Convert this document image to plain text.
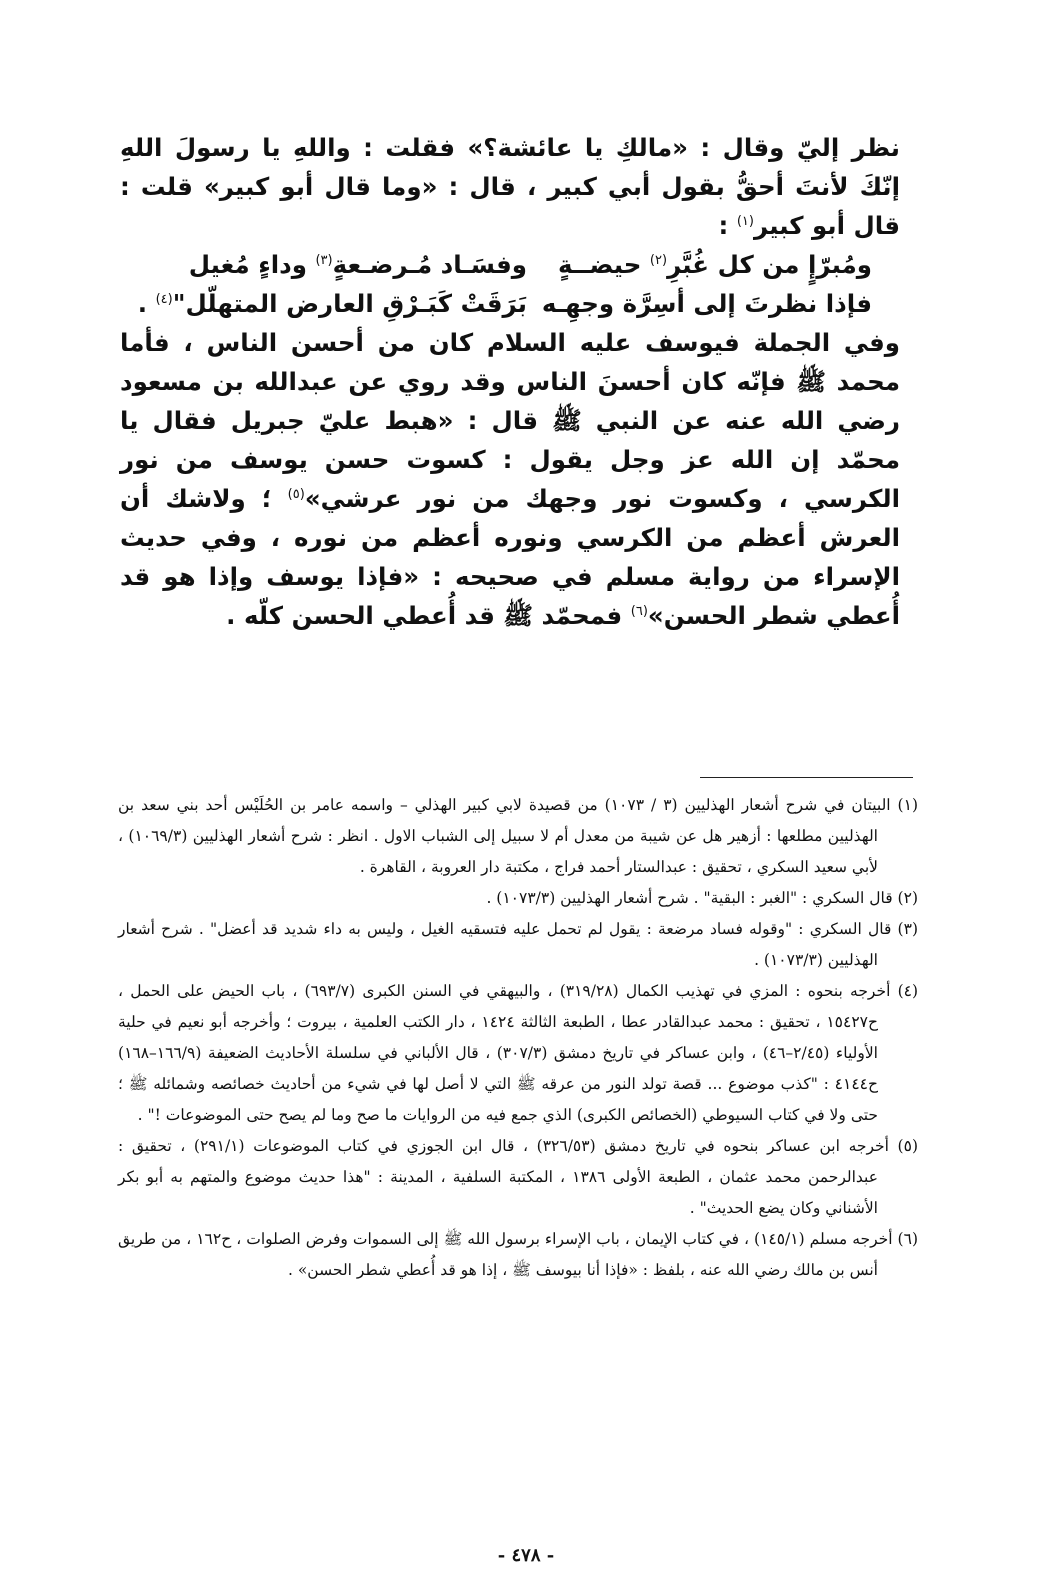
نظر إليّ وقال : «مالكِ يا عائشة؟» فقلت : واللهِ يا رسولَ اللهِ إنّكَ لأنتَ أحقُّ بقول أبي كبير ، قال : «وما قال أبو كبير» قلت : قال أبو كبير$^{(١)}$ :

ومُبرّإٍ من كل غُبَّرِ$^{(٢)}$ حيضــةٍ
وفسَـاد مُـرضـعةٍ$^{(٣)}$ وداءٍ مُغيل
فإذا نظرتَ إلى أسِرَّة وجهِـه
بَرَقَتْ كَبَـرْقِ العارض المتهلّل"$^{(٤)}$ .

وفي الجملة فيوسف عليه السلام كان من أحسن الناس ، فأما محمد ﷺ فإنّه كان أحسنَ الناس وقد روي عن عبدالله بن مسعود رضي الله عنه عن النبي ﷺ قال : «هبط عليّ جبريل فقال يا محمّد إن الله عز وجل يقول : كسوت حسن يوسف من نور الكرسي ، وكسوت نور وجهك من نور عرشي»$^{(٥)}$ ؛ ولاشك أن العرش أعظم من الكرسي ونوره أعظم من نوره ، وفي حديث الإسراء من رواية مسلم في صحيحه : «فإذا يوسف وإذا هو قد أُعطي شطر الحسن»$^{(٦)}$ فمحمّد ﷺ قد أُعطي الحسن كلّه .

(١) البيتان في شرح أشعار الهذليين (٣ / ١٠٧٣) من قصيدة لابي كبير الهذلي – واسمه عامر بن الحُلَيْس أحد بني سعد بن الهذليين مطلعها : أزهير هل عن شيبة من معدل أم لا سبيل إلى الشباب الاول . انظر : شرح أشعار الهذليين (١٠٦٩/٣) ، لأبي سعيد السكري ، تحقيق : عبدالستار أحمد فراج ، مكتبة دار العروبة ، القاهرة .

(٢) قال السكري : "الغبر : البقية" . شرح أشعار الهذليين (١٠٧٣/٣) .

(٣) قال السكري : "وقوله فساد مرضعة : يقول لم تحمل عليه فتسقيه الغيل ، وليس به داء شديد قد أعضل" . شرح أشعار الهذليين (١٠٧٣/٣) .

(٤) أخرجه بنحوه : المزي في تهذيب الكمال (٣١٩/٢٨) ، والبيهقي في السنن الكبرى (٦٩٣/٧) ، باب الحيض على الحمل ، ح١٥٤٢٧ ، تحقيق : محمد عبدالقادر عطا ، الطبعة الثالثة ١٤٢٤ ، دار الكتب العلمية ، بيروت ؛ وأخرجه أبو نعيم في حلية الأولياء (٢/٤٥–٤٦) ، وابن عساكر في تاريخ دمشق (٣٠٧/٣) ، قال الألباني في سلسلة الأحاديث الضعيفة (١٦٦/٩–١٦٨) ح٤١٤٤ : "كذب موضوع ... قصة تولد النور من عرقه ﷺ التي لا أصل لها في شيء من أحاديث خصائصه وشمائله ﷺ ؛ حتى ولا في كتاب السيوطي (الخصائص الكبرى) الذي جمع فيه من الروايات ما صح وما لم يصح حتى الموضوعات !" .

(٥) أخرجه ابن عساكر بنحوه في تاريخ دمشق (٣٢٦/٥٣) ، قال ابن الجوزي في كتاب الموضوعات (٢٩١/١) ، تحقيق : عبدالرحمن محمد عثمان ، الطبعة الأولى ١٣٨٦ ، المكتبة السلفية ، المدينة : "هذا حديث موضوع والمتهم به أبو بكر الأشناني وكان يضع الحديث" .

(٦) أخرجه مسلم (١٤٥/١) ، في كتاب الإيمان ، باب الإسراء برسول الله ﷺ إلى السموات وفرض الصلوات ، ح١٦٢ ، من طريق أنس بن مالك رضي الله عنه ، بلفظ : «فإذا أنا بيوسف ﷺ ، إذا هو قد أُعطي شطر الحسن» .

- ٤٧٨ -
